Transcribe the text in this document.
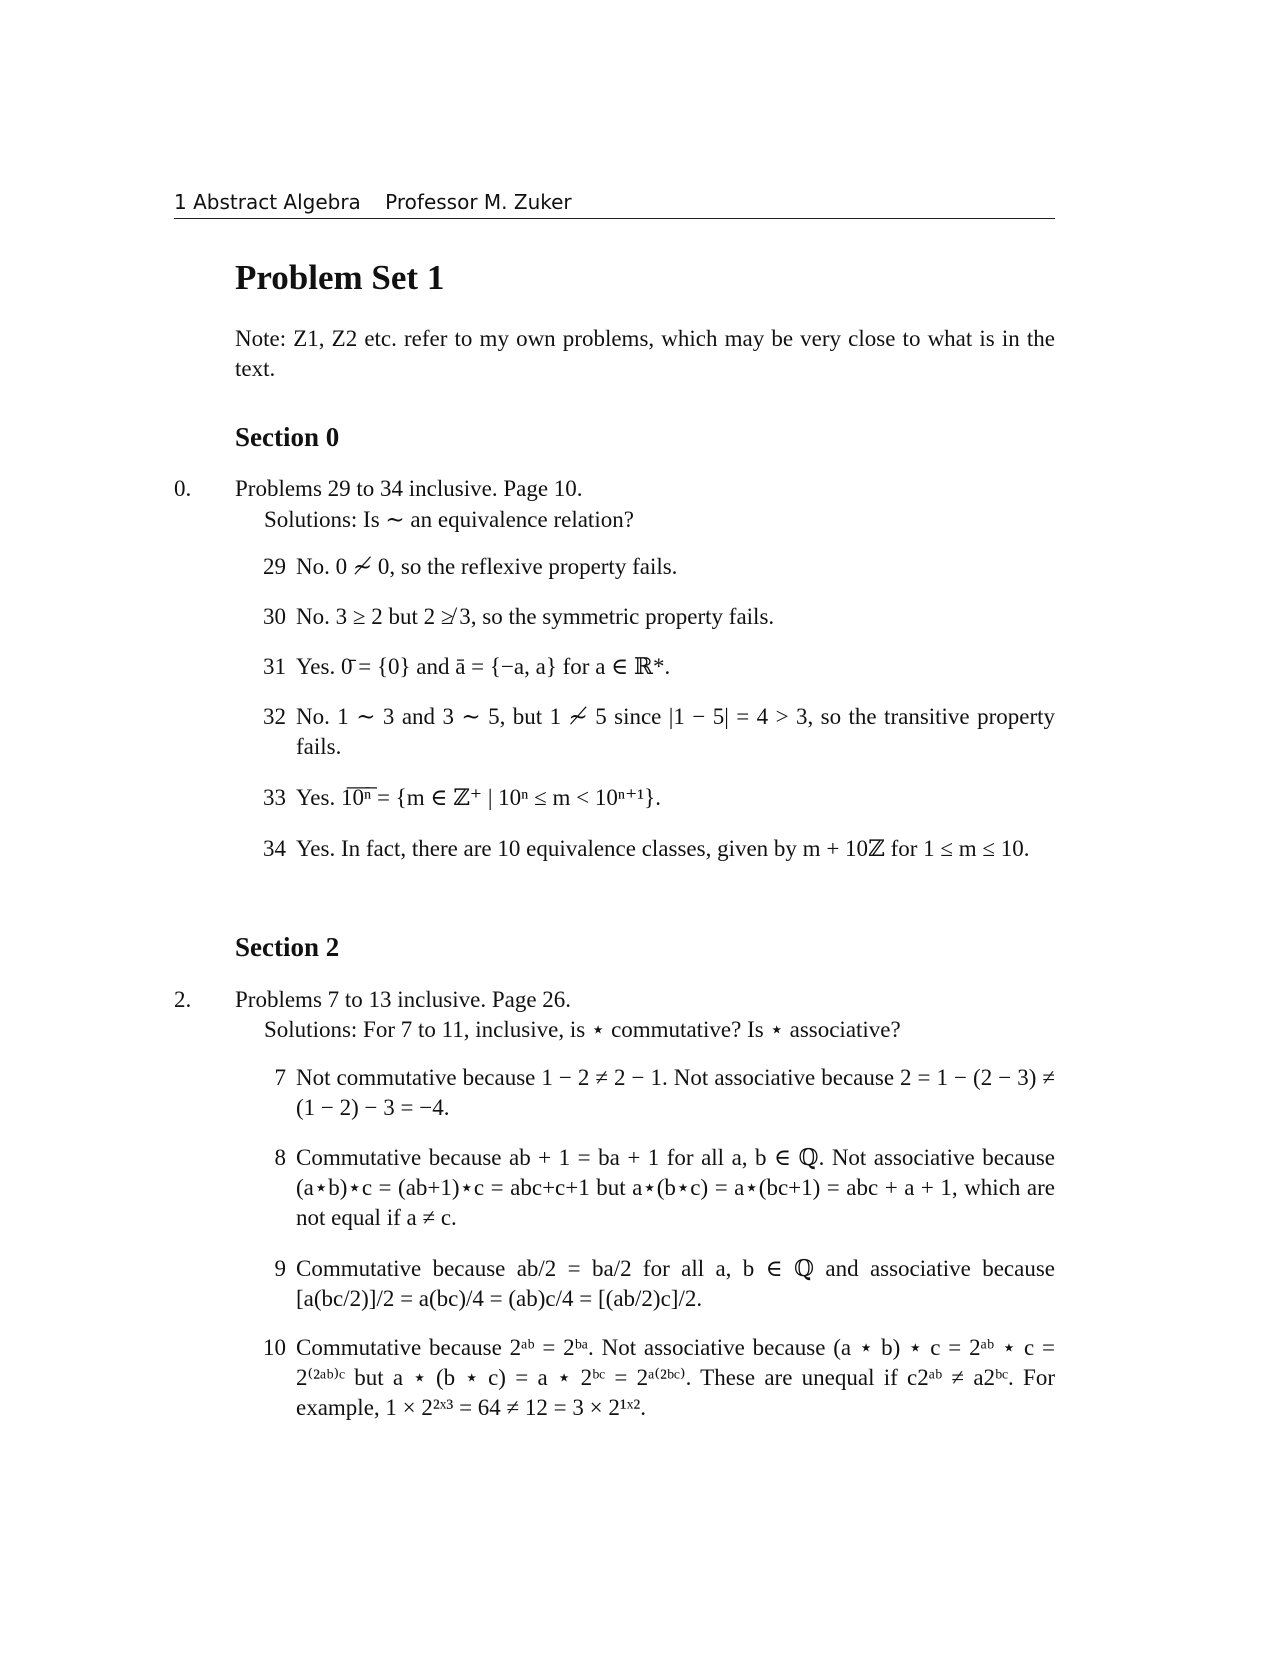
1 Abstract Algebra Professor M. Zuker
Problem Set 1
Note: Z1, Z2 etc. refer to my own problems, which may be very close to what is in the text.
Section 0
0. Problems 29 to 34 inclusive. Page 10.
Solutions: Is ∼ an equivalence relation?
29 No. 0 ≁ 0, so the reflexive property fails.
30 No. 3 ≥ 2 but 2 ≱ 3, so the symmetric property fails.
31 Yes. 0̄ = {0} and ā = {−a, a} for a ∈ ℝ*.
32 No. 1 ∼ 3 and 3 ∼ 5, but 1 ≁ 5 since |1 − 5| = 4 > 3, so the transitive property fails.
33 Yes. 1̅0̅ⁿ̅ = {m ∈ ℤ⁺ | 10ⁿ ≤ m < 10ⁿ⁺¹}.
34 Yes. In fact, there are 10 equivalence classes, given by m + 10ℤ for 1 ≤ m ≤ 10.
Section 2
2. Problems 7 to 13 inclusive. Page 26.
Solutions: For 7 to 11, inclusive, is ⋆ commutative? Is ⋆ associative?
7 Not commutative because 1 − 2 ≠ 2 − 1. Not associative because 2 = 1 − (2 − 3) ≠ (1 − 2) − 3 = −4.
8 Commutative because ab + 1 = ba + 1 for all a, b ∈ ℚ. Not associative because (a⋆b)⋆c = (ab+1)⋆c = abc+c+1 but a⋆(b⋆c) = a⋆(bc+1) = abc + a + 1, which are not equal if a ≠ c.
9 Commutative because ab/2 = ba/2 for all a, b ∈ ℚ and associative because [a(bc/2)]/2 = a(bc)/4 = (ab)c/4 = [(ab/2)c]/2.
10 Commutative because 2ᵃᵇ = 2ᵇᵃ. Not associative because (a ⋆ b) ⋆ c = 2ᵃᵇ ⋆ c = 2⁽²ᵃᵇ⁾ᶜ but a ⋆ (b ⋆ c) = a ⋆ 2ᵇᶜ = 2ᵃ⁽²ᵇᶜ⁾. These are unequal if c2ᵃᵇ ≠ a2ᵇᶜ. For example, 1 × 2²ˣ³ = 64 ≠ 12 = 3 × 2¹ˣ².
